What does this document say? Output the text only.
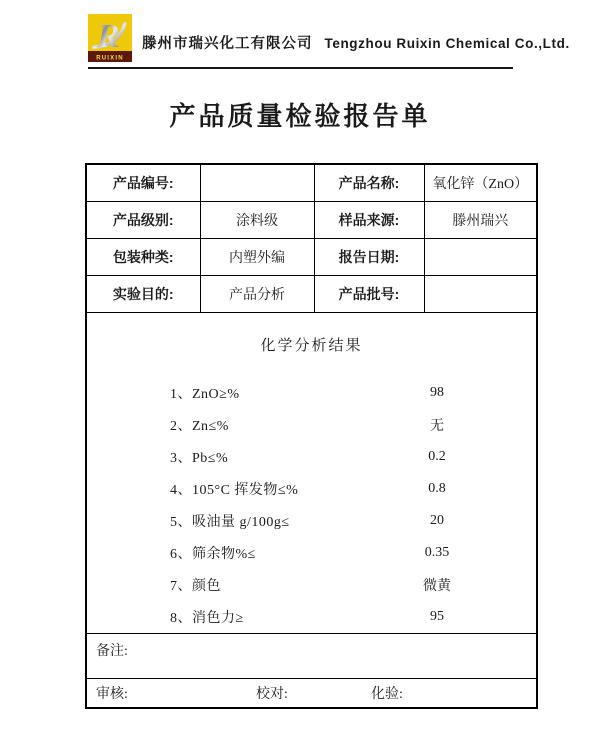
R
RUIXIN
滕州市瑞兴化工有限公司 Tengzhou Ruixin Chemical Co.,Ltd.
产品质量检验报告单
产品编号:		产品名称:	氧化锌（ZnO）
产品级别:	涂料级	样品来源:	滕州瑞兴
包装种类:	内塑外编	报告日期:	
实验目的:	产品分析	产品批号:	

化学分析结果
1、ZnO≥%	98
2、Zn≤%	无
3、Pb≤%	0.2
4、105°C 挥发物≤%	0.8
5、吸油量 g/100g≤	20
6、筛余物%≤	0.35
7、颜色	微黄
8、消色力≥	95

备注:			

审核: 校对: 化验:			
